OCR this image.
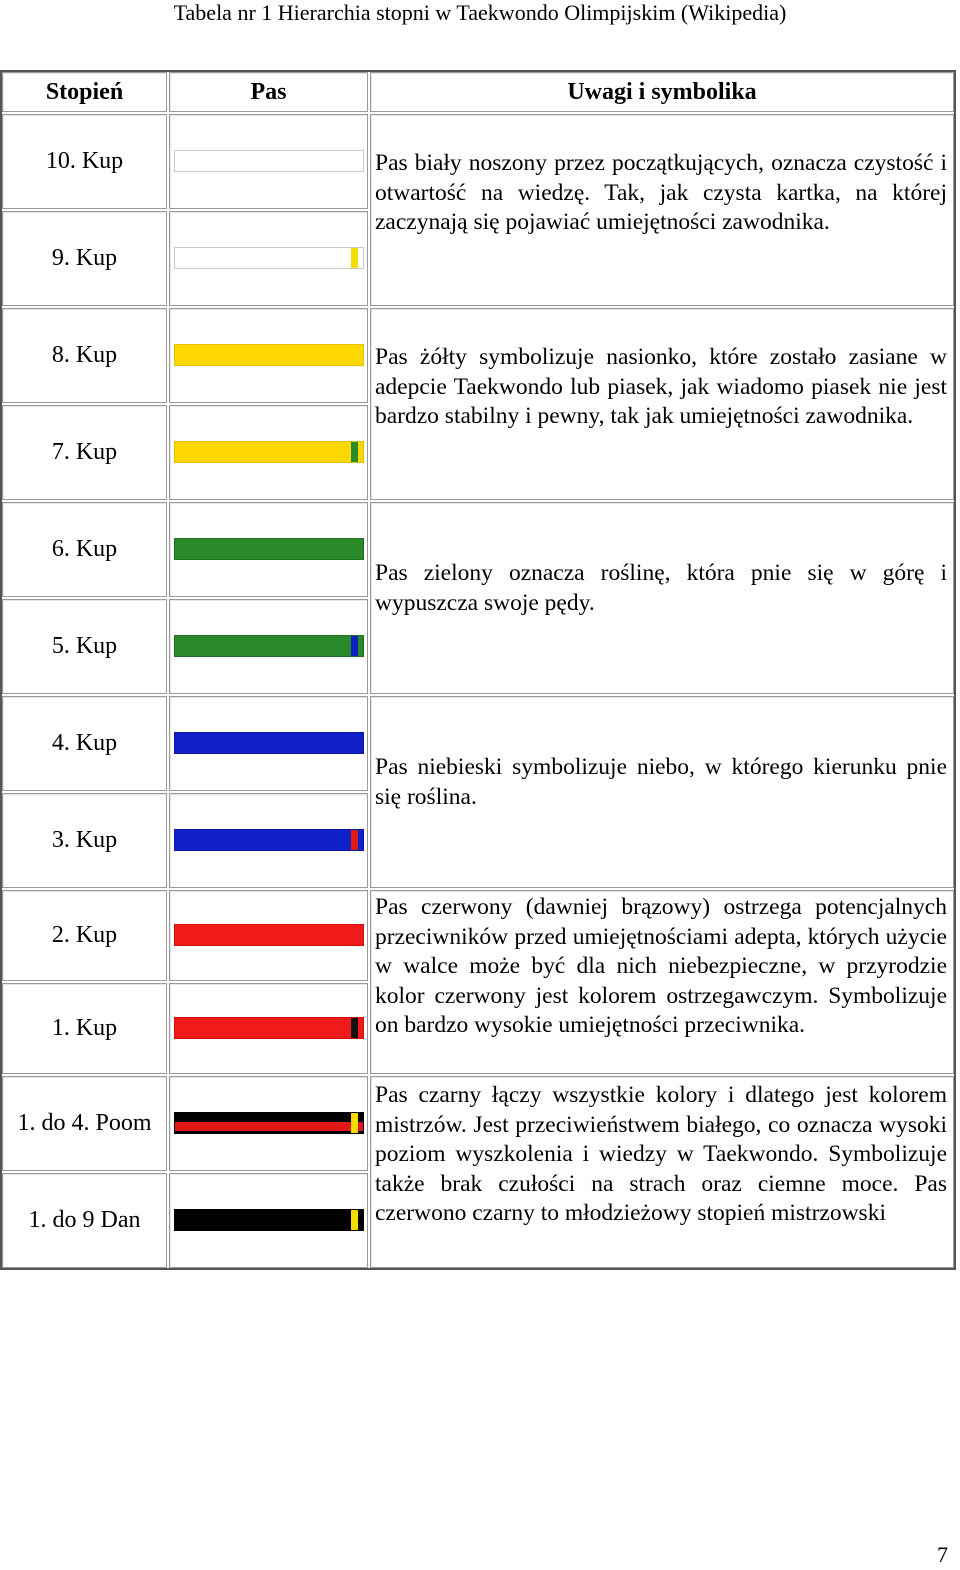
Tabela nr 1 Hierarchia stopni w Taekwondo Olimpijskim (Wikipedia)
Stopień	Pas	Uwagi i symbolika
10. Kup
9. Kup
Pas biały noszony przez początkujących, oznacza czystość i otwartość na wiedzę. Tak, jak czysta kartka, na której zaczynają się pojawiać umiejętności zawodnika.
8. Kup
7. Kup
Pas żółty symbolizuje nasionko, które zostało zasiane w adepcie Taekwondo lub piasek, jak wiadomo piasek nie jest bardzo stabilny i pewny, tak jak umiejętności zawodnika.
6. Kup
5. Kup
Pas zielony oznacza roślinę, która pnie się w górę i wypuszcza swoje pędy.
4. Kup
3. Kup
Pas niebieski symbolizuje niebo, w którego kierunku pnie się roślina.
2. Kup
1. Kup
Pas czerwony (dawniej brązowy) ostrzega potencjalnych przeciwników przed umiejętnościami adepta, których użycie w walce może być dla nich niebezpieczne, w przyrodzie kolor czerwony jest kolorem ostrzegawczym. Symbolizuje on bardzo wysokie umiejętności przeciwnika.
1. do 4. Poom
1. do 9 Dan
Pas czarny łączy wszystkie kolory i dlatego jest kolorem mistrzów. Jest przeciwieństwem białego, co oznacza wysoki poziom wyszkolenia i wiedzy w Taekwondo. Symbolizuje także brak czułości na strach oraz ciemne moce. Pas czerwono czarny to młodzieżowy stopień mistrzowski
7
